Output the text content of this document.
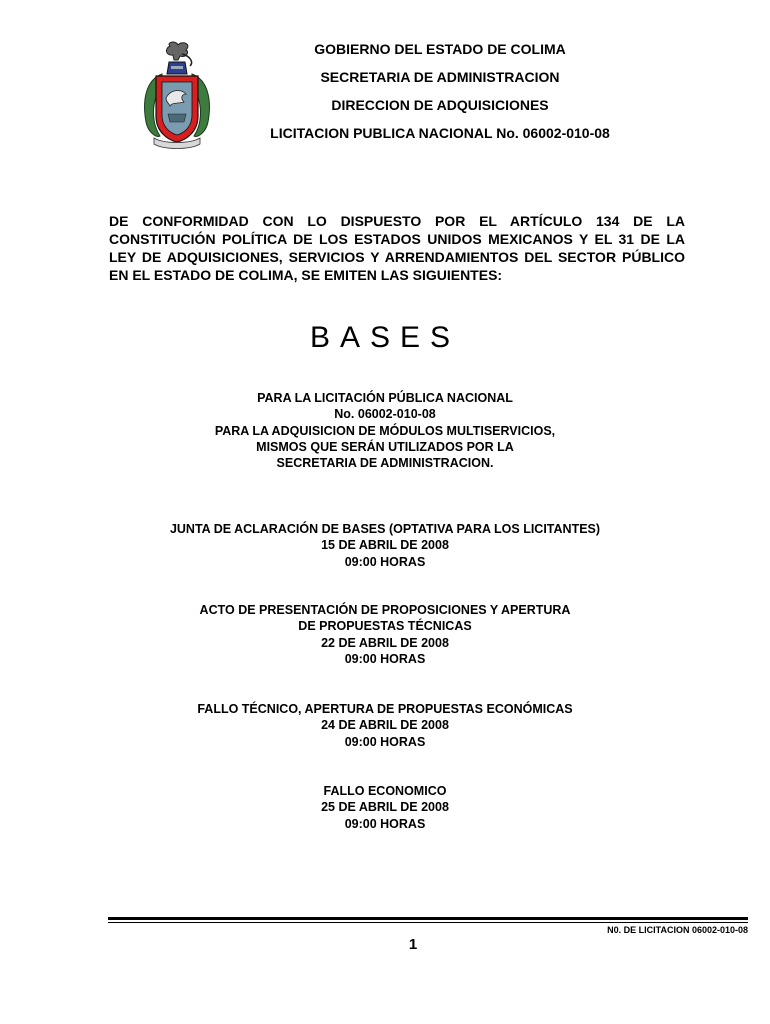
GOBIERNO DEL ESTADO DE COLIMA
SECRETARIA DE ADMINISTRACION
DIRECCION DE ADQUISICIONES
LICITACION PUBLICA NACIONAL No. 06002-010-08
DE CONFORMIDAD CON LO DISPUESTO POR EL ARTÍCULO 134 DE LA CONSTITUCIÓN POLÍTICA DE LOS ESTADOS UNIDOS MEXICANOS Y EL 31 DE LA LEY DE ADQUISICIONES, SERVICIOS Y ARRENDAMIENTOS DEL SECTOR PÚBLICO EN EL ESTADO DE COLIMA, SE EMITEN LAS SIGUIENTES:
BASES
PARA LA LICITACIÓN PÚBLICA NACIONAL
No. 06002-010-08
PARA LA ADQUISICION DE MÓDULOS MULTISERVICIOS,
MISMOS QUE SERÁN UTILIZADOS POR LA
SECRETARIA DE ADMINISTRACION.
JUNTA DE ACLARACIÓN DE BASES (OPTATIVA PARA LOS LICITANTES)
15 DE ABRIL DE 2008
09:00 HORAS
ACTO DE PRESENTACIÓN DE PROPOSICIONES Y APERTURA
DE PROPUESTAS TÉCNICAS
22 DE ABRIL DE 2008
09:00 HORAS
FALLO TÉCNICO, APERTURA DE PROPUESTAS ECONÓMICAS
24 DE ABRIL DE 2008
09:00 HORAS
FALLO ECONOMICO
25 DE ABRIL DE 2008
09:00 HORAS
N0. DE LICITACION 06002-010-08
1
